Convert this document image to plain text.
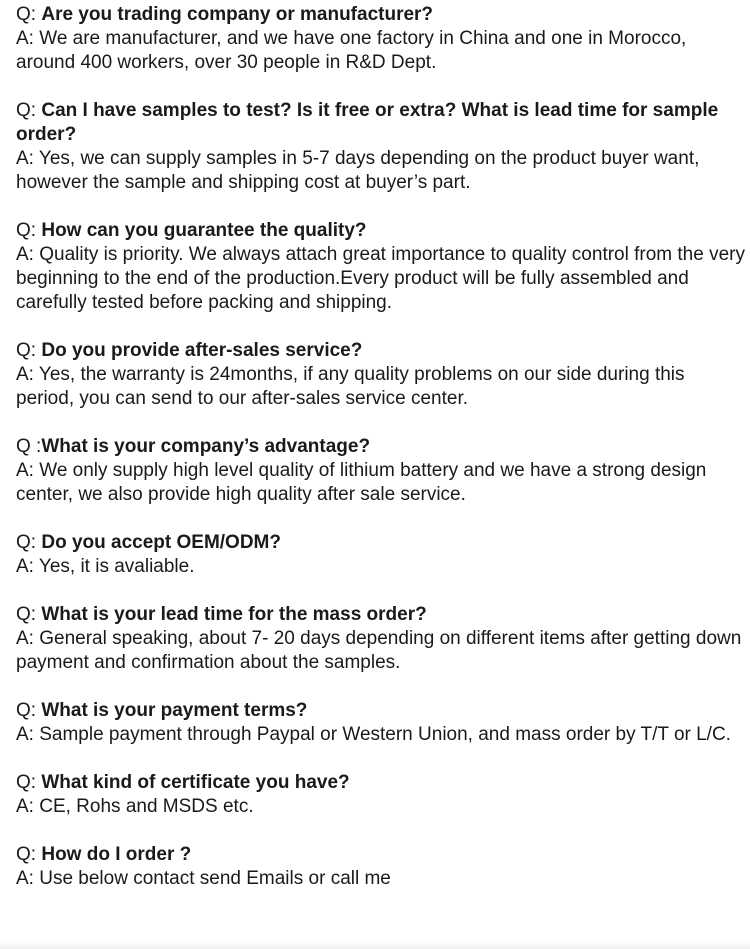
Q: Are you trading company or manufacturer?

A: We are manufacturer, and we have one factory in China and one in Morocco, around 400 workers, over 30 people in R&D Dept.

Q: Can I have samples to test? Is it free or extra? What is lead time for sample order?

A: Yes, we can supply samples in 5-7 days depending on the product buyer want, however the sample and shipping cost at buyer’s part.

Q: How can you guarantee the quality?

A: Quality is priority. We always attach great importance to quality control from the very beginning to the end of the production.Every product will be fully assembled and carefully tested before packing and shipping.

Q: Do you provide after-sales service?

A: Yes, the warranty is 24months, if any quality problems on our side during this period, you can send to our after-sales service center.

Q :What is your company’s advantage?

A: We only supply high level quality of lithium battery and we have a strong design center, we also provide high quality after sale service.

Q: Do you accept OEM/ODM?

A: Yes, it is avaliable.

Q: What is your lead time for the mass order?

A: General speaking, about 7- 20 days depending on different items after getting down payment and confirmation about the samples.

Q: What is your payment terms?

A: Sample payment through Paypal or Western Union, and mass order by T/T or L/C.

Q: What kind of certificate you have?

A: CE, Rohs and MSDS etc.

Q: How do I order ?

A: Use below contact send Emails or call me
